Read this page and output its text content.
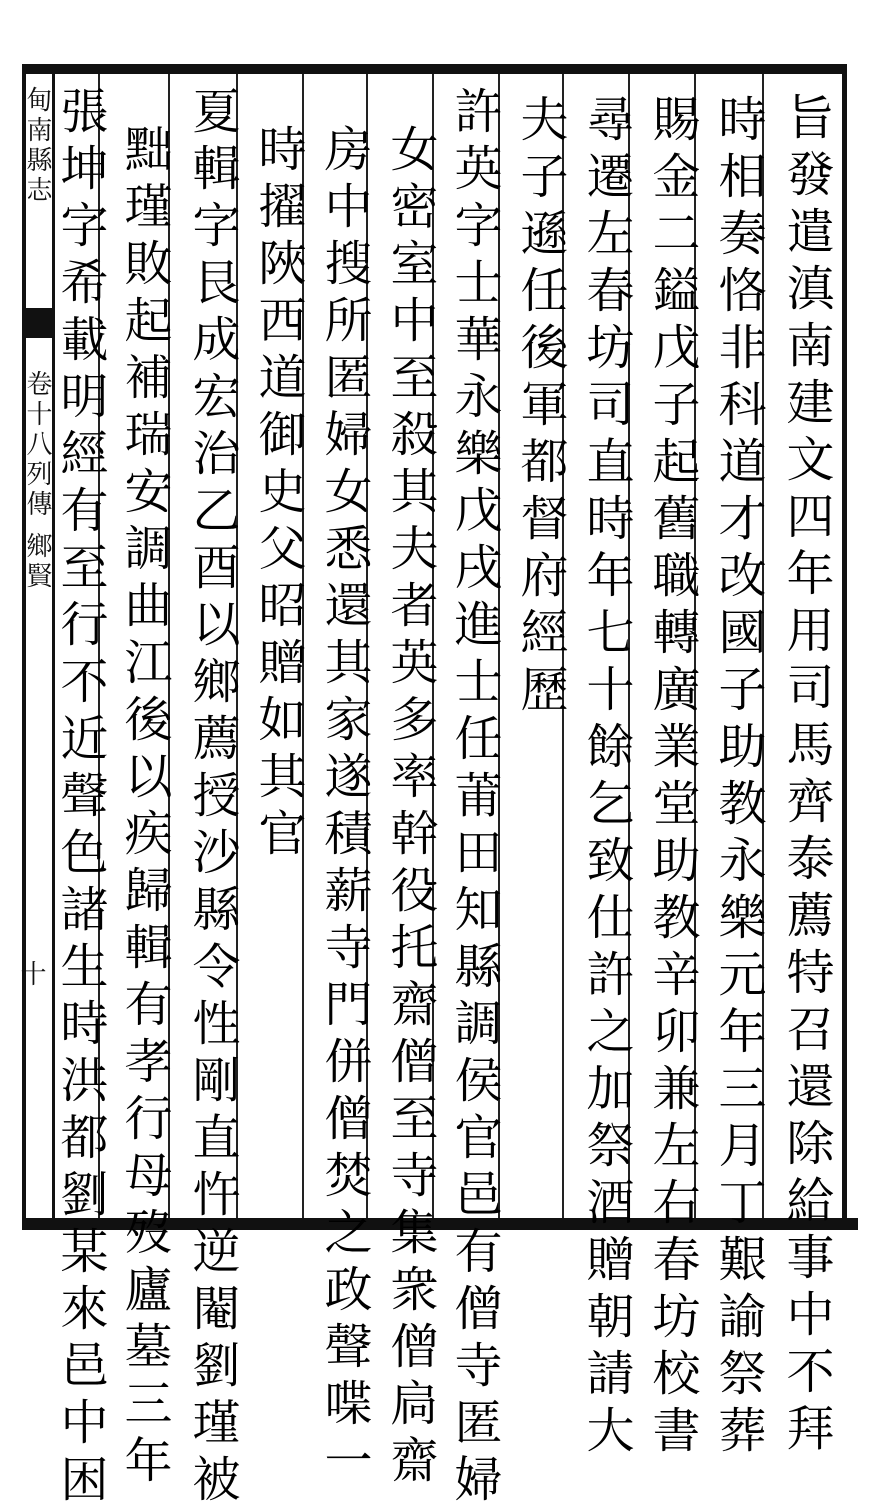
甸南縣志
卷十八列傳 鄉賢
十	旨發遣滇南建文四年用司馬齊泰薦特召還除給事中不拜
時相奏恪非科道才改國子助教永樂元年三月丁艱諭祭葬
賜金二鎰戊子起舊職轉廣業堂助教辛卯兼左右春坊校書
尋遷左春坊司直時年七十餘乞致仕許之加祭酒贈朝請大
夫子遜任後軍都督府經歷
許英字士華永樂戊戌進士任莆田知縣調侯官邑有僧寺匿婦
女密室中至殺其夫者英多率幹役托齋僧至寺集衆僧扃齋
房中搜所匿婦女悉還其家遂積薪寺門併僧焚之政聲喋一
時擢陜西道御史父昭贈如其官
夏輯字艮成宏治乙酉以鄉薦授沙縣令性剛直忤逆閹劉瑾被
黜瑾敗起補瑞安調曲江後以疾歸輯有孝行母歿廬墓三年
張坤字希載明經有至行不近聲色諸生時洪都劉某來邑中困
